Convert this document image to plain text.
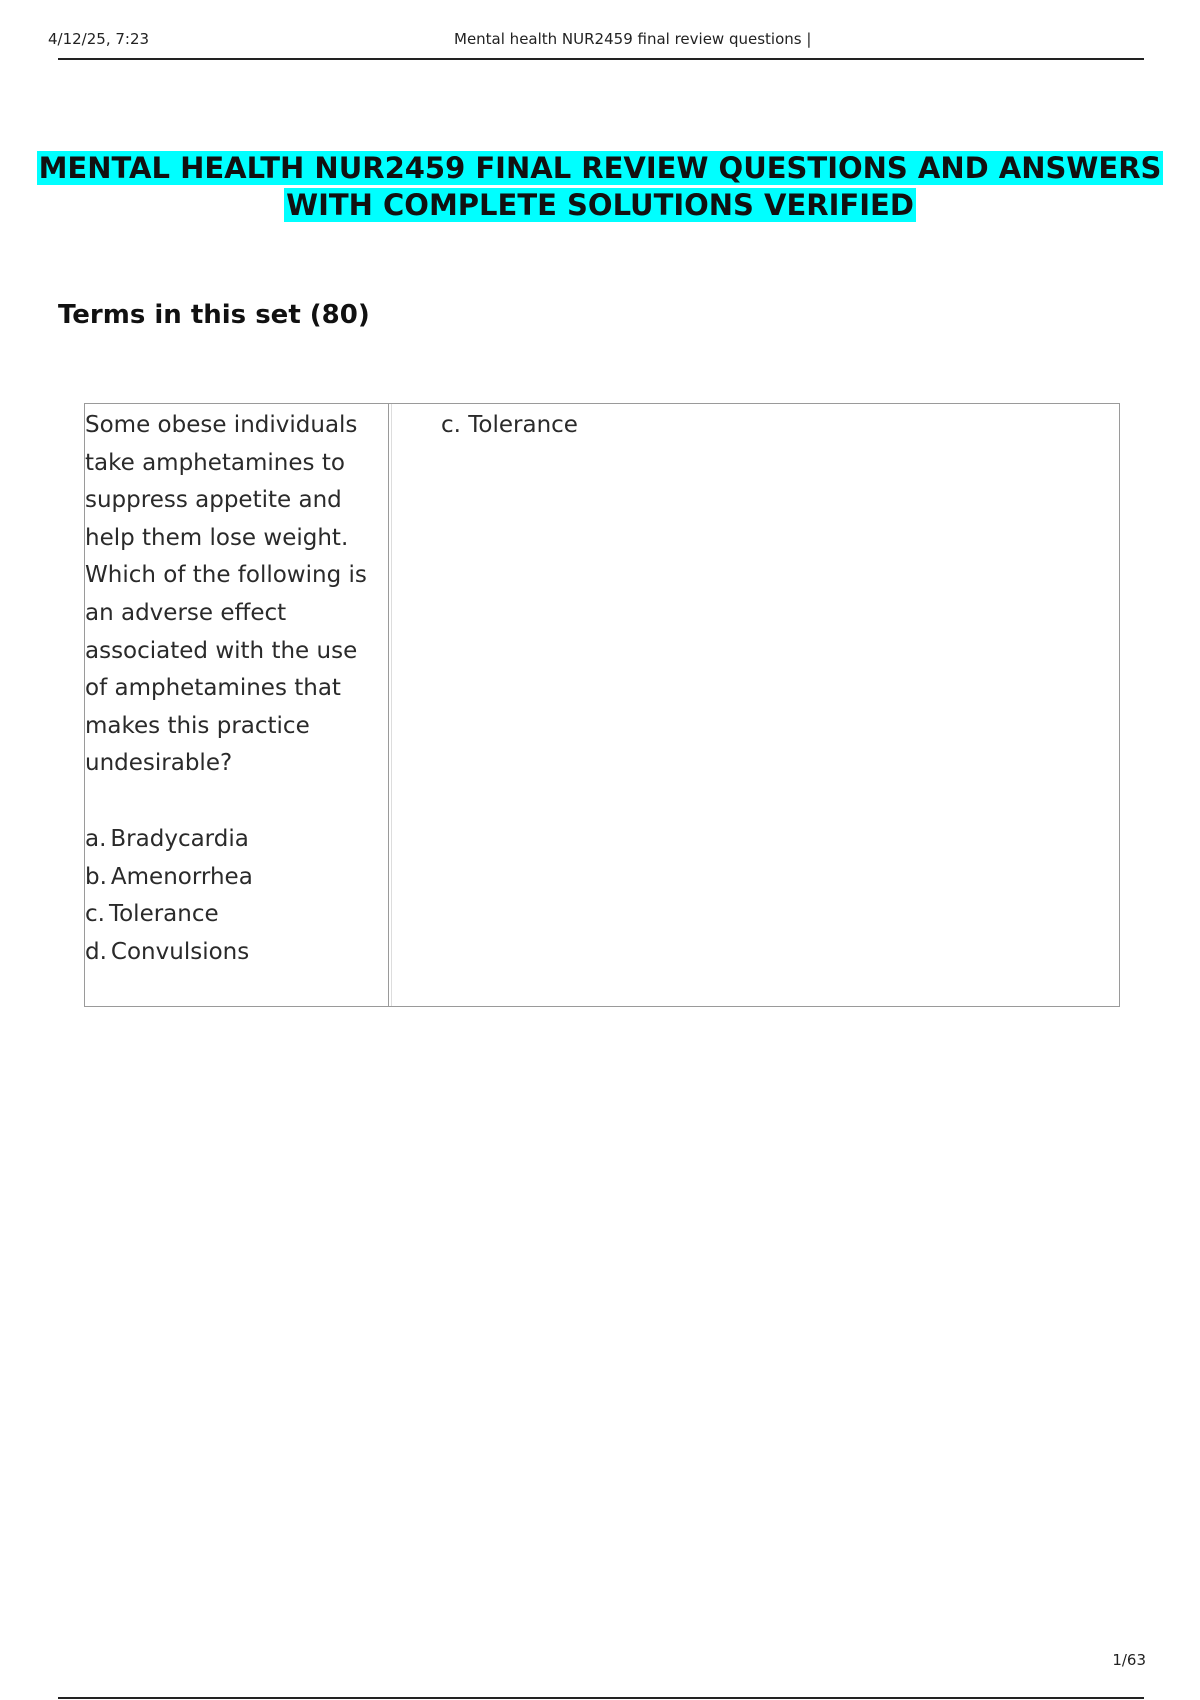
4/12/25, 7:23	Mental health NUR2459 final review questions |
MENTAL HEALTH NUR2459 FINAL REVIEW QUESTIONS AND ANSWERS
WITH COMPLETE SOLUTIONS VERIFIED
Terms in this set (80)

Some obese individuals
take amphetamines to
suppress appetite and
help them lose weight.
Which of the following is
an adverse effect
associated with the use
of amphetamines that
makes this practice
undesirable?

a. Bradycardia
b. Amenorrhea
c. Tolerance
d. Convulsions
c. Tolerance
1/63
